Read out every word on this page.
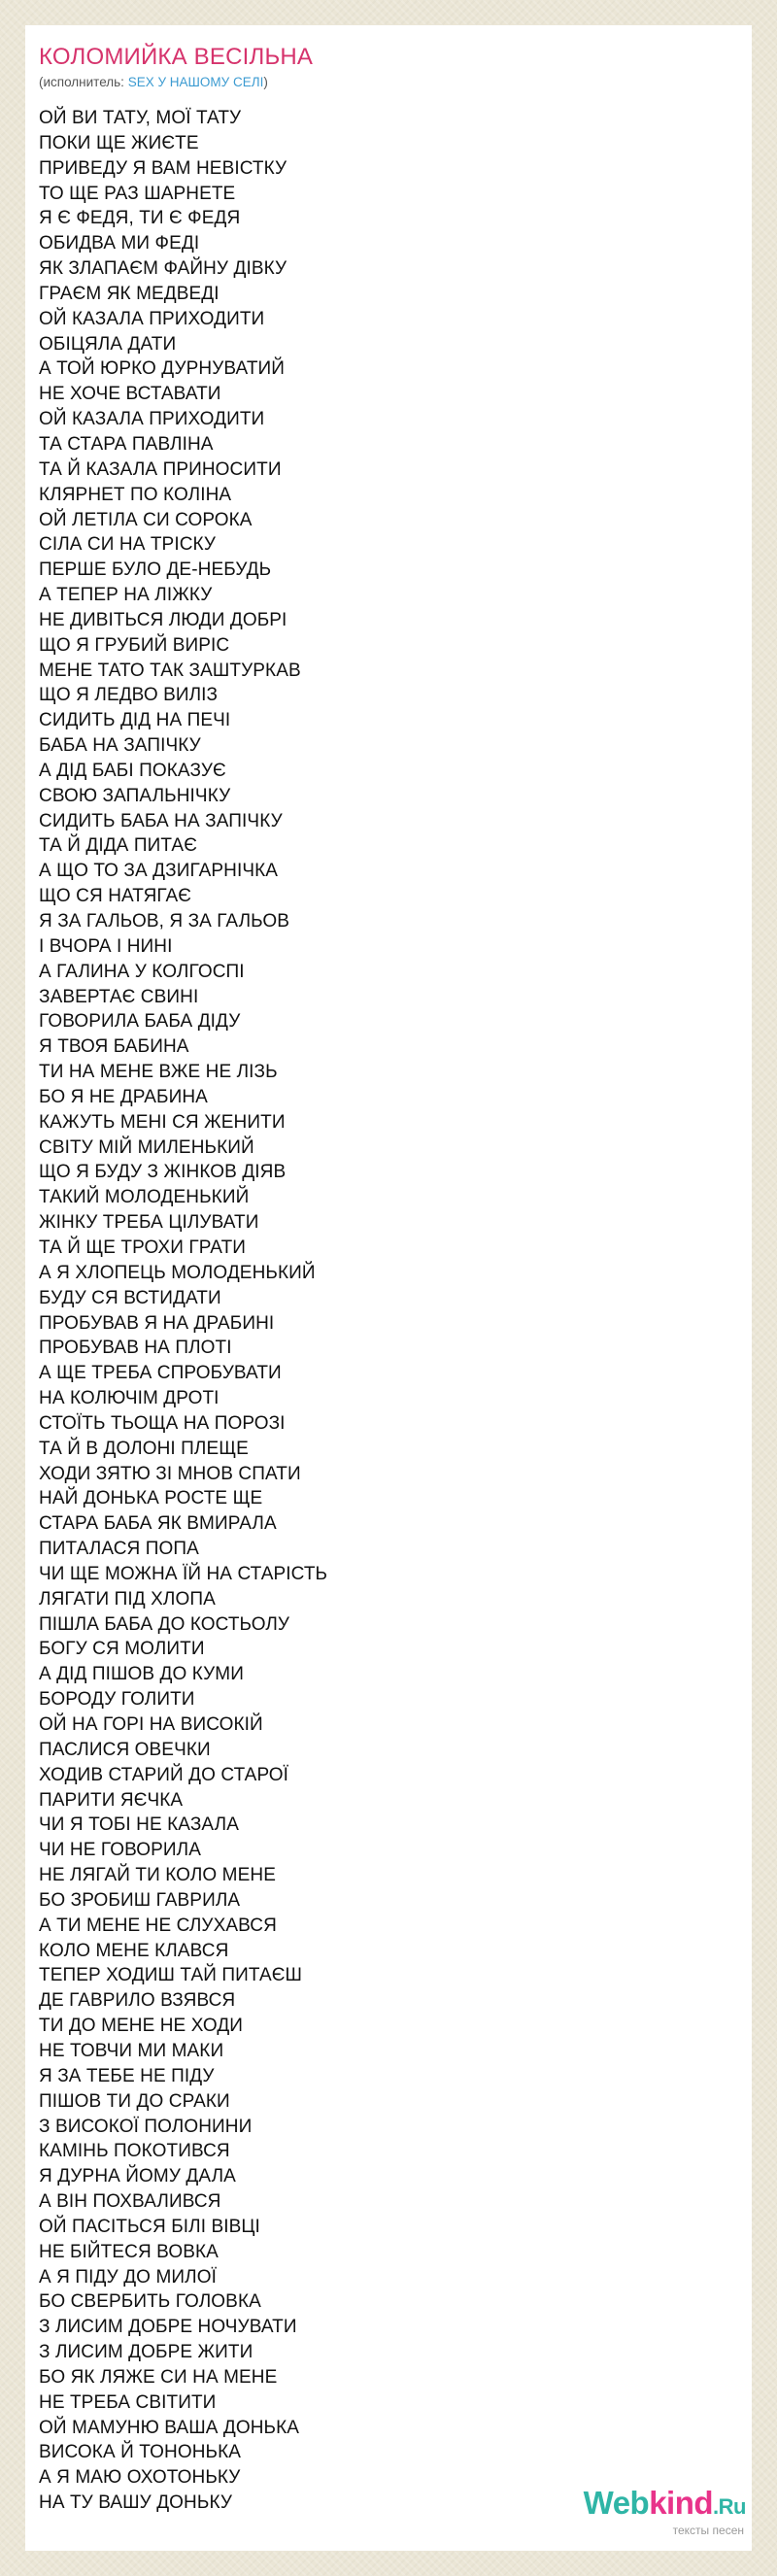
КОЛОМИЙКА ВЕСІЛЬНА
(исполнитель: SEX У НАШОМУ СЕЛІ)
ОЙ ВИ ТАТУ, МОЇ ТАТУ
ПОКИ ЩЕ ЖИЄТЕ
ПРИВЕДУ Я ВАМ НЕВІСТКУ
ТО ЩЕ РАЗ ШАРНЕТЕ
Я Є ФЕДЯ, ТИ Є ФЕДЯ
ОБИДВА МИ ФЕДІ
ЯК ЗЛАПАЄМ ФАЙНУ ДІВКУ
ГРАЄМ ЯК МЕДВЕДІ
ОЙ КАЗАЛА ПРИХОДИТИ
ОБІЦЯЛА ДАТИ
А ТОЙ ЮРКО ДУРНУВАТИЙ
НЕ ХОЧЕ ВСТАВАТИ
ОЙ КАЗАЛА ПРИХОДИТИ
ТА СТАРА ПАВЛІНА
ТА Й КАЗАЛА ПРИНОСИТИ
КЛЯРНЕТ ПО КОЛІНА
ОЙ ЛЕТІЛА СИ СОРОКА
СІЛА СИ НА ТРІСКУ
ПЕРШЕ БУЛО ДЕ-НЕБУДЬ
А ТЕПЕР НА ЛІЖКУ
НЕ ДИВІТЬСЯ ЛЮДИ ДОБРІ
ЩО Я ГРУБИЙ ВИРІС
МЕНЕ ТАТО ТАК ЗАШТУРКАВ
ЩО Я ЛЕДВО ВИЛІЗ
СИДИТЬ ДІД НА ПЕЧІ
БАБА НА ЗАПІЧКУ
А ДІД БАБІ ПОКАЗУЄ
СВОЮ ЗАПАЛЬНІЧКУ
СИДИТЬ БАБА НА ЗАПІЧКУ
ТА Й ДІДА ПИТАЄ
А ЩО ТО ЗА ДЗИГАРНІЧКА
ЩО СЯ НАТЯГАЄ
Я ЗА ГАЛЬОВ, Я ЗА ГАЛЬОВ
І ВЧОРА І НИНІ
А ГАЛИНА У КОЛГОСПІ
ЗАВЕРТАЄ СВИНІ
ГОВОРИЛА БАБА ДІДУ
Я ТВОЯ БАБИНА
ТИ НА МЕНЕ ВЖЕ НЕ ЛІЗЬ
БО Я НЕ ДРАБИНА
КАЖУТЬ МЕНІ СЯ ЖЕНИТИ
СВІТУ МІЙ МИЛЕНЬКИЙ
ЩО Я БУДУ З ЖІНКОВ ДІЯВ
ТАКИЙ МОЛОДЕНЬКИЙ
ЖІНКУ ТРЕБА ЦІЛУВАТИ
ТА Й ЩЕ ТРОХИ ГРАТИ
А Я ХЛОПЕЦЬ МОЛОДЕНЬКИЙ
БУДУ СЯ ВСТИДАТИ
ПРОБУВАВ Я НА ДРАБИНІ
ПРОБУВАВ НА ПЛОТІ
А ЩЕ ТРЕБА СПРОБУВАТИ
НА КОЛЮЧІМ ДРОТІ
СТОЇТЬ ТЬОЩА НА ПОРОЗІ
ТА Й В ДОЛОНІ ПЛЕЩЕ
ХОДИ ЗЯТЮ ЗІ МНОВ СПАТИ
НАЙ ДОНЬКА РОСТЕ ЩЕ
СТАРА БАБА ЯК ВМИРАЛА
ПИТАЛАСЯ ПОПА
ЧИ ЩЕ МОЖНА ЇЙ НА СТАРІСТЬ
ЛЯГАТИ ПІД ХЛОПА
ПІШЛА БАБА ДО КОСТЬОЛУ
БОГУ СЯ МОЛИТИ
А ДІД ПІШОВ ДО КУМИ
БОРОДУ ГОЛИТИ
ОЙ НА ГОРІ НА ВИСОКІЙ
ПАСЛИСЯ ОВЕЧКИ
ХОДИВ СТАРИЙ ДО СТАРОЇ
ПАРИТИ ЯЄЧКА
ЧИ Я ТОБІ НЕ КАЗАЛА
ЧИ НЕ ГОВОРИЛА
НЕ ЛЯГАЙ ТИ КОЛО МЕНЕ
БО ЗРОБИШ ГАВРИЛА
А ТИ МЕНЕ НЕ СЛУХАВСЯ
КОЛО МЕНЕ КЛАВСЯ
ТЕПЕР ХОДИШ ТАЙ ПИТАЄШ
ДЕ ГАВРИЛО ВЗЯВСЯ
ТИ ДО МЕНЕ НЕ ХОДИ
НЕ ТОВЧИ МИ МАКИ
Я ЗА ТЕБЕ НЕ ПІДУ
ПІШОВ ТИ ДО СРАКИ
З ВИСОКОЇ ПОЛОНИНИ
КАМІНЬ ПОКОТИВСЯ
Я ДУРНА ЙОМУ ДАЛА
А ВІН ПОХВАЛИВСЯ
ОЙ ПАСІТЬСЯ БІЛІ ВІВЦІ
НЕ БІЙТЕСЯ ВОВКА
А Я ПІДУ ДО МИЛОЇ
БО СВЕРБИТЬ ГОЛОВКА
З ЛИСИМ ДОБРЕ НОЧУВАТИ
З ЛИСИМ ДОБРЕ ЖИТИ
БО ЯК ЛЯЖЕ СИ НА МЕНЕ
НЕ ТРЕБА СВІТИТИ
ОЙ МАМУНЮ ВАША ДОНЬКА
ВИСОКА Й ТОНОНЬКА
А Я МАЮ ОХОТОНЬКУ
НА ТУ ВАШУ ДОНЬКУ	Webkind.Ru
тексты песен
